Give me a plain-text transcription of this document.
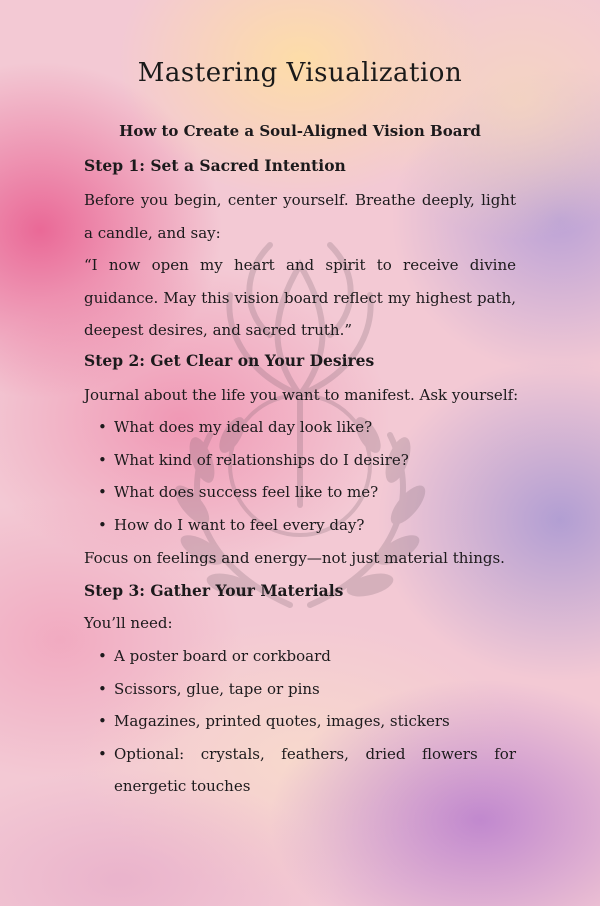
Mastering Visualization
How to Create a Soul-Aligned Vision Board
Step 1: Set a Sacred Intention

Before you begin, center yourself. Breathe deeply, light a candle, and say:

“I now open my heart and spirit to receive divine guidance. May this vision board reflect my highest path, deepest desires, and sacred truth.”

Step 2: Get Clear on Your Desires

Journal about the life you want to manifest. Ask yourself:

• What does my ideal day look like?
• What kind of relationships do I desire?
• What does success feel like to me?
• How do I want to feel every day?

Focus on feelings and energy—not just material things.

Step 3: Gather Your Materials

You’ll need:

• A poster board or corkboard
• Scissors, glue, tape or pins
• Magazines, printed quotes, images, stickers
• Optional: crystals, feathers, dried flowers for energetic touches
